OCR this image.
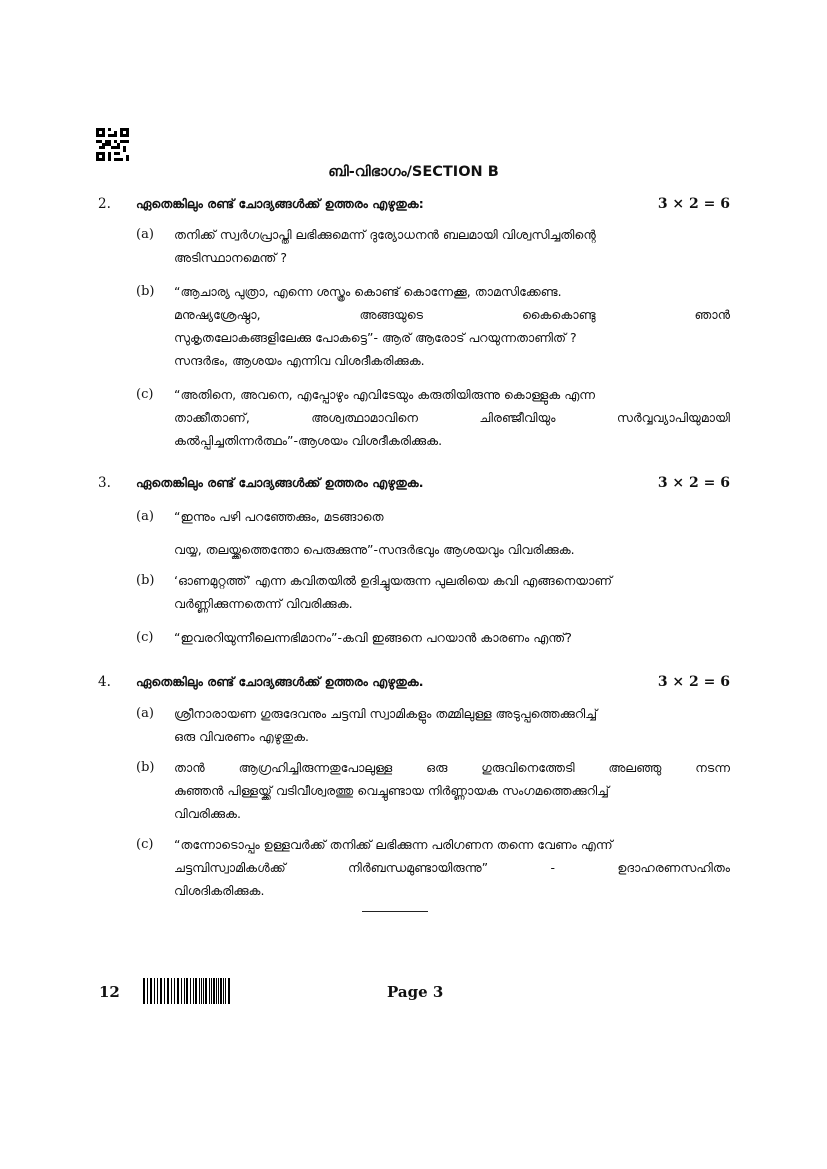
ബി-വിഭാഗം/SECTION B
2.	ഏതെങ്കിലും രണ്ട് ചോദ്യങ്ങൾക്ക് ഉത്തരം എഴുതുക:	3 × 2 = 6
(a) തനിക്ക് സ്വർഗപ്രാപ്തി ലഭിക്കുമെന്ന് ദുര്യോധനൻ ബലമായി വിശ്വസിച്ചതിന്റെ
അടിസ്ഥാനമെന്ത് ?
(b) “ആചാര്യ പുത്രാ, എന്നെ ശസ്ത്രം കൊണ്ട് കൊന്നേക്കൂ, താമസിക്കേണ്ട.
മനുഷ്യശ്രേഷ്ഠാ, അങ്ങയുടെ കൈകൊണ്ടു ഞാൻ
സുകൃതലോകങ്ങളിലേക്കു പോകട്ടെ”- ആര് ആരോട് പറയുന്നതാണിത് ?
സന്ദർഭം, ആശയം എന്നിവ വിശദീകരിക്കുക.
(c) “അതിനെ, അവനെ, എപ്പോഴും എവിടേയും കരുതിയിരുന്നു കൊള്ളുക എന്ന
താക്കീതാണ്, അശ്വത്ഥാമാവിനെ ചിരഞ്ജീവിയും സർവ്വവ്യാപിയുമായി
കൽപ്പിച്ചതിന്നർത്ഥം”-ആശയം വിശദീകരിക്കുക.
3.	ഏതെങ്കിലും രണ്ട് ചോദ്യങ്ങൾക്ക് ഉത്തരം എഴുതുക.	3 × 2 = 6
(a) “ഇന്നും പഴി പറഞ്ഞേക്കും, മടങ്ങാതെ
വയ്യ, തലയ്ക്കത്തെന്തോ പെരുക്കുന്നു”-സന്ദർഭവും ആശയവും വിവരിക്കുക.
(b) ‘ഓണമുറ്റത്ത്’ എന്ന കവിതയിൽ ഉദിച്ചുയരുന്ന പുലരിയെ കവി എങ്ങനെയാണ്
വർണ്ണിക്കുന്നതെന്ന് വിവരിക്കുക.
(c) “ഇവരറിയുന്നീലെന്നഭിമാനം”-കവി ഇങ്ങനെ പറയാൻ കാരണം എന്ത്?
4.	ഏതെങ്കിലും രണ്ട് ചോദ്യങ്ങൾക്ക് ഉത്തരം എഴുതുക.	3 × 2 = 6
(a) ശ്രീനാരായണ ഗുരുദേവനും ചട്ടമ്പി സ്വാമികളും തമ്മിലുള്ള അടുപ്പത്തെക്കുറിച്ച്
ഒരു വിവരണം എഴുതുക.
(b) താൻ ആഗ്രഹിച്ചിരുന്നതുപോലുള്ള ഒരു ഗുരുവിനെത്തേടി അലഞ്ഞു നടന്ന
കുഞ്ഞൻ പിള്ളയ്ക്ക് വടിവീശ്വരത്തു വെച്ചുണ്ടായ നിർണ്ണായക സംഗമത്തെക്കുറിച്ച്
വിവരിക്കുക.
(c) “തന്നോടൊപ്പം ഉള്ളവർക്ക് തനിക്ക് ലഭിക്കുന്ന പരിഗണന തന്നെ വേണം എന്ന്
ചട്ടമ്പിസ്വാമികൾക്ക് നിർബന്ധമുണ്ടായിരുന്നു” - ഉദാഹരണസഹിതം
വിശദികരിക്കുക.
12	Page 3
